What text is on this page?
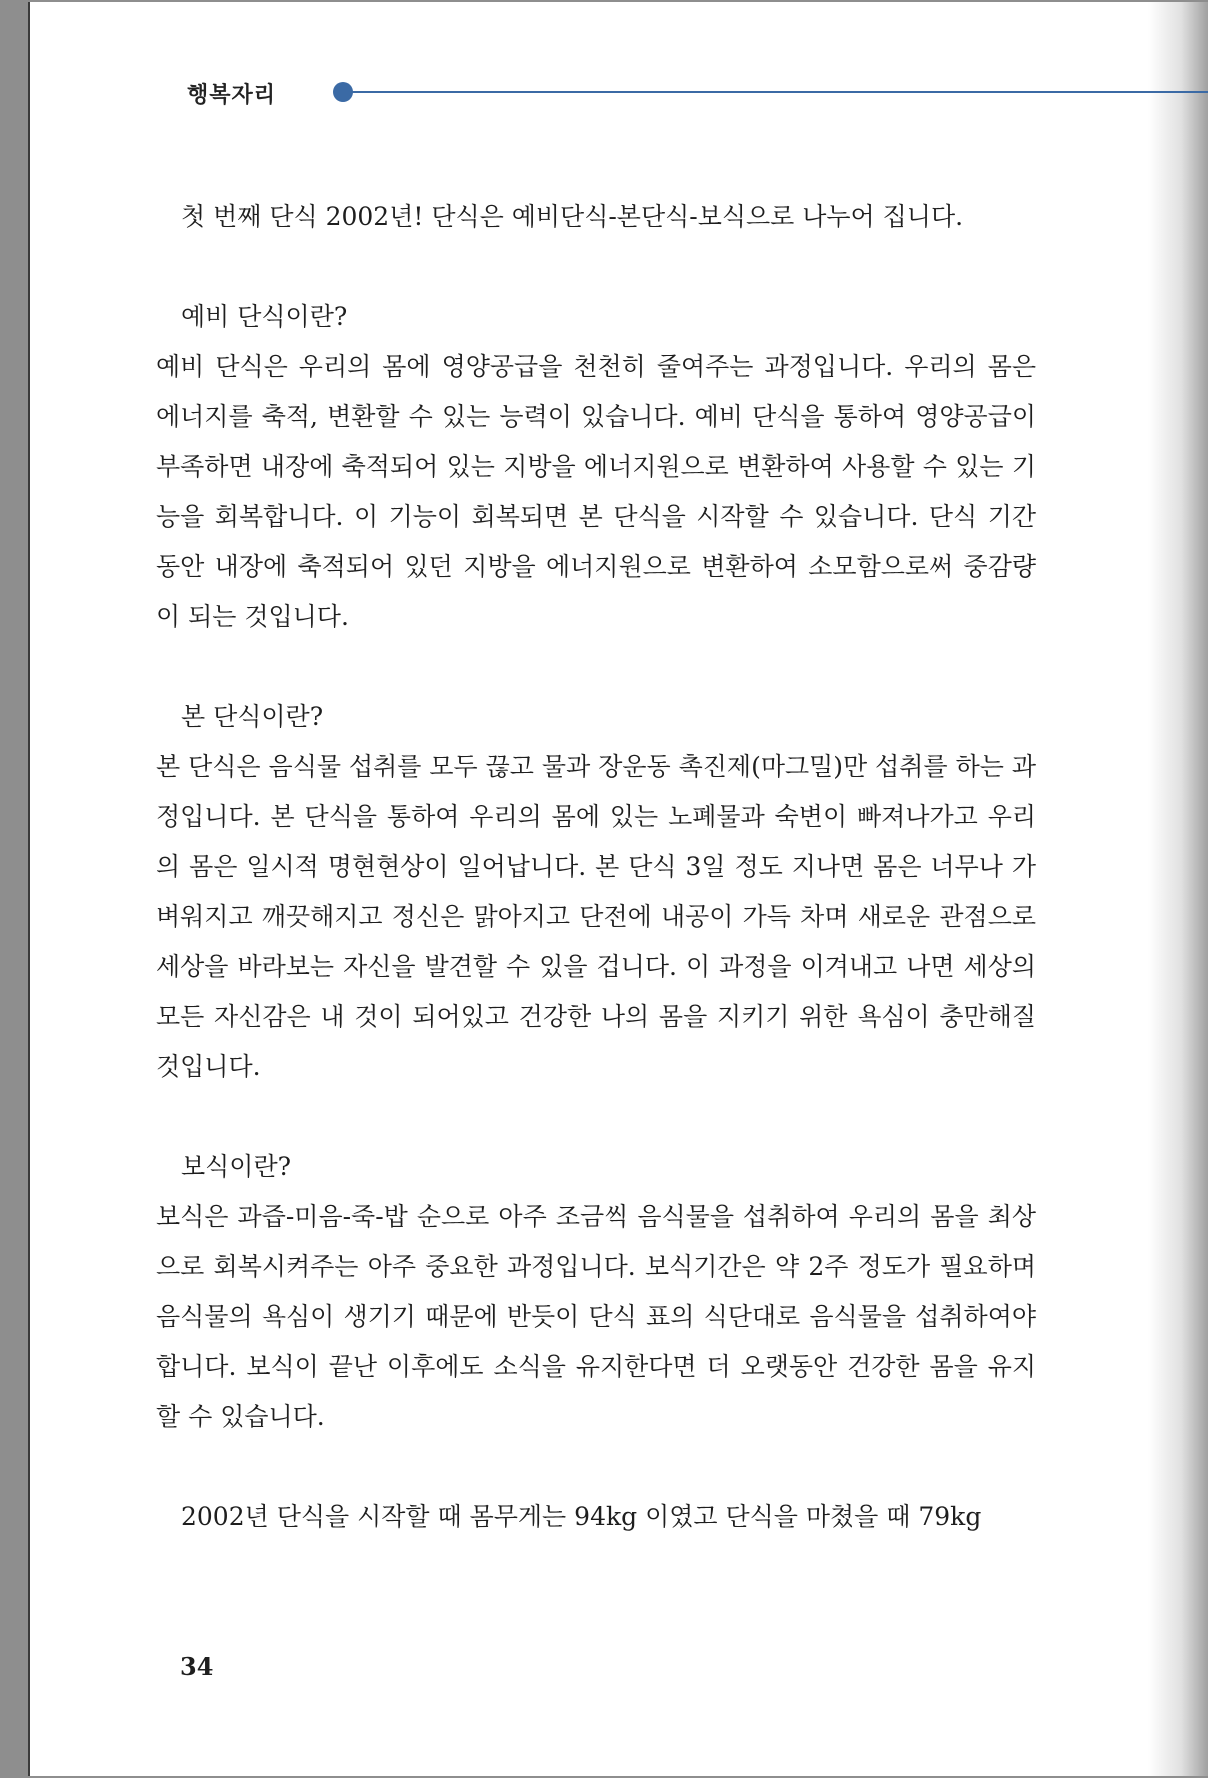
행복자리

첫 번째 단식 2002년! 단식은 예비단식-본단식-보식으로 나누어 집니다.

예비 단식이란?

예비 단식은 우리의 몸에 영양공급을 천천히 줄여주는 과정입니다. 우리의 몸은 에너지를 축적, 변환할 수 있는 능력이 있습니다. 예비 단식을 통하여 영양공급이 부족하면 내장에 축적되어 있는 지방을 에너지원으로 변환하여 사용할 수 있는 기능을 회복합니다. 이 기능이 회복되면 본 단식을 시작할 수 있습니다. 단식 기간 동안 내장에 축적되어 있던 지방을 에너지원으로 변환하여 소모함으로써 중감량이 되는 것입니다.

본 단식이란?

본 단식은 음식물 섭취를 모두 끊고 물과 장운동 촉진제(마그밀)만 섭취를 하는 과정입니다. 본 단식을 통하여 우리의 몸에 있는 노폐물과 숙변이 빠져나가고 우리의 몸은 일시적 명현현상이 일어납니다. 본 단식 3일 정도 지나면 몸은 너무나 가벼워지고 깨끗해지고 정신은 맑아지고 단전에 내공이 가득 차며 새로운 관점으로 세상을 바라보는 자신을 발견할 수 있을 겁니다. 이 과정을 이겨내고 나면 세상의 모든 자신감은 내 것이 되어있고 건강한 나의 몸을 지키기 위한 욕심이 충만해질 것입니다.

보식이란?

보식은 과즙-미음-죽-밥 순으로 아주 조금씩 음식물을 섭취하여 우리의 몸을 최상으로 회복시켜주는 아주 중요한 과정입니다. 보식기간은 약 2주 정도가 필요하며 음식물의 욕심이 생기기 때문에 반듯이 단식 표의 식단대로 음식물을 섭취하여야 합니다. 보식이 끝난 이후에도 소식을 유지한다면 더 오랫동안 건강한 몸을 유지할 수 있습니다.

2002년 단식을 시작할 때 몸무게는 94kg 이였고 단식을 마쳤을 때 79kg

34
